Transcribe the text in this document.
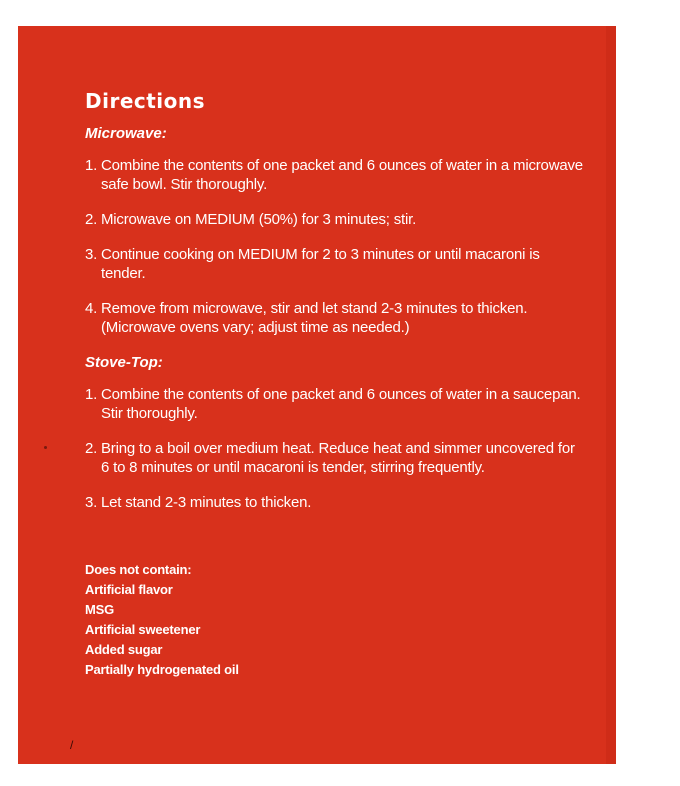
/
Directions
Microwave:
1. Combine the contents of one packet and 6 ounces of water in a microwave safe bowl. Stir thoroughly.
2. Microwave on MEDIUM (50%) for 3 minutes; stir.
3. Continue cooking on MEDIUM for 2 to 3 minutes or until macaroni is tender.
4. Remove from microwave, stir and let stand 2-3 minutes to thicken. (Microwave ovens vary; adjust time as needed.)
Stove-Top:
1. Combine the contents of one packet and 6 ounces of water in a saucepan. Stir thoroughly.
2. Bring to a boil over medium heat. Reduce heat and simmer uncovered for 6 to 8 minutes or until macaroni is tender, stirring frequently.
3. Let stand 2-3 minutes to thicken.
Does not contain:
Artificial flavor
MSG
Artificial sweetener
Added sugar
Partially hydrogenated oil
